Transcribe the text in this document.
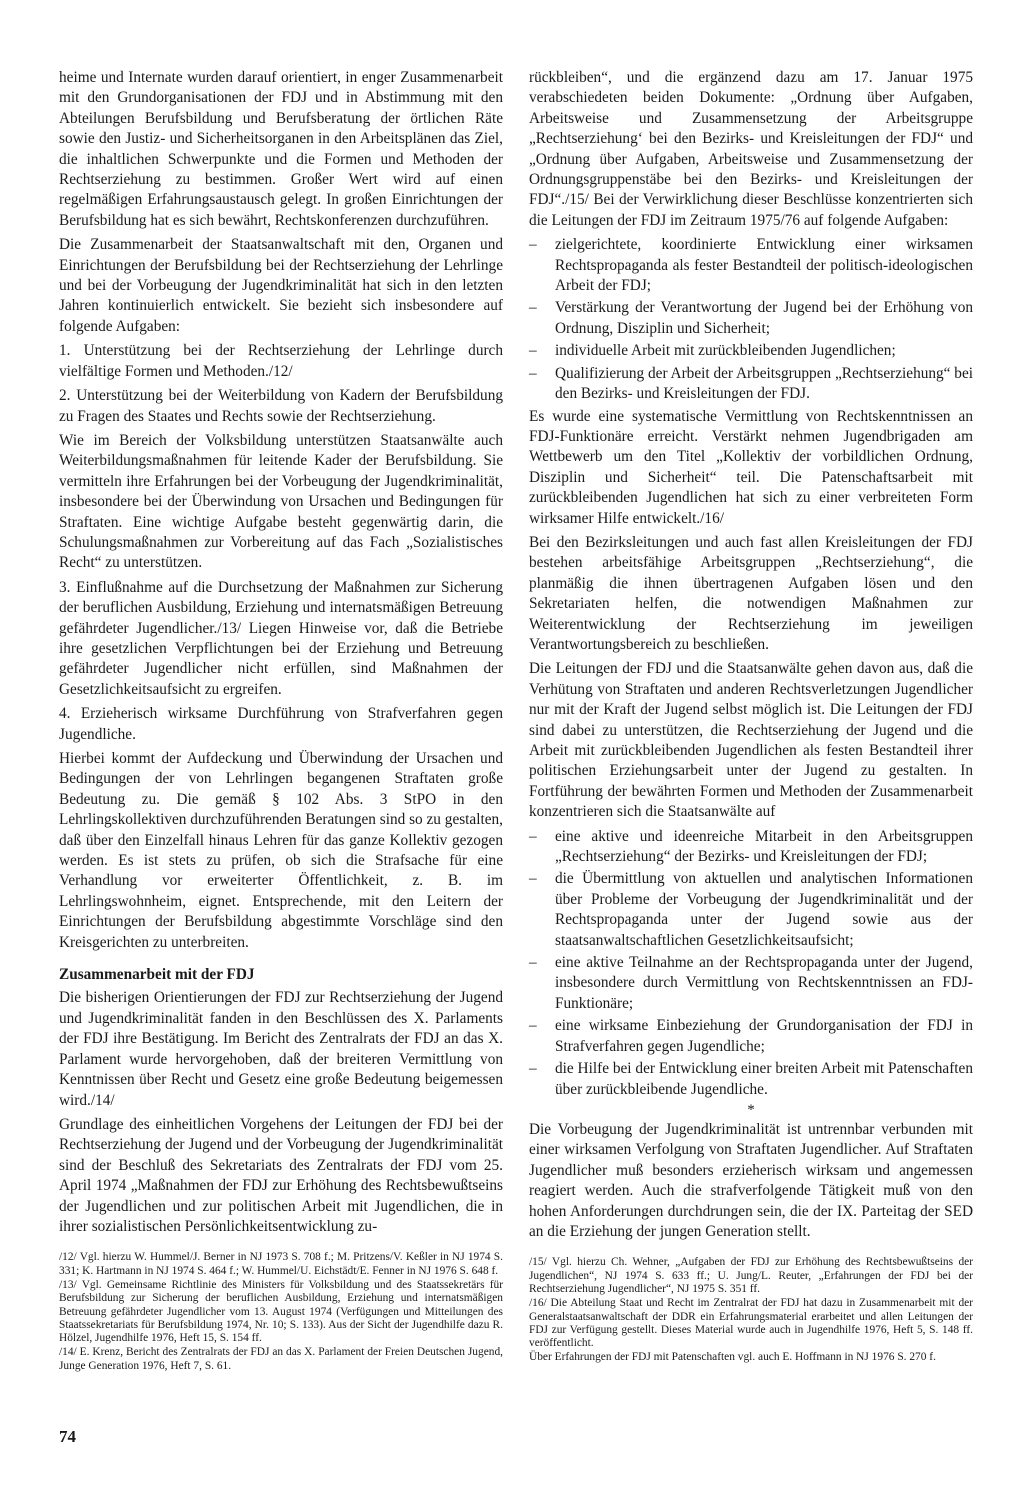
heime und Internate wurden darauf orientiert, in enger Zusammenarbeit mit den Grundorganisationen der FDJ und in Abstimmung mit den Abteilungen Berufsbildung und Berufsberatung der örtlichen Räte sowie den Justiz- und Sicherheitsorganen in den Arbeitsplänen das Ziel, die inhaltlichen Schwerpunkte und die Formen und Methoden der Rechtserziehung zu bestimmen. Großer Wert wird auf einen regelmäßigen Erfahrungsaustausch gelegt. In großen Einrichtungen der Berufsbildung hat es sich bewährt, Rechtskonferenzen durchzuführen.

Die Zusammenarbeit der Staatsanwaltschaft mit den, Organen und Einrichtungen der Berufsbildung bei der Rechtserziehung der Lehrlinge und bei der Vorbeugung der Jugendkriminalität hat sich in den letzten Jahren kontinuierlich entwickelt. Sie bezieht sich insbesondere auf folgende Aufgaben:

1. Unterstützung bei der Rechtserziehung der Lehrlinge durch vielfältige Formen und Methoden./12/

2. Unterstützung bei der Weiterbildung von Kadern der Berufsbildung zu Fragen des Staates und Rechts sowie der Rechtserziehung.

Wie im Bereich der Volksbildung unterstützen Staatsanwälte auch Weiterbildungsmaßnahmen für leitende Kader der Berufsbildung. Sie vermitteln ihre Erfahrungen bei der Vorbeugung der Jugendkriminalität, insbesondere bei der Überwindung von Ursachen und Bedingungen für Straftaten. Eine wichtige Aufgabe besteht gegenwärtig darin, die Schulungsmaßnahmen zur Vorbereitung auf das Fach „Sozialistisches Recht“ zu unterstützen.

3. Einflußnahme auf die Durchsetzung der Maßnahmen zur Sicherung der beruflichen Ausbildung, Erziehung und internatsmäßigen Betreuung gefährdeter Jugendlicher./13/ Liegen Hinweise vor, daß die Betriebe ihre gesetzlichen Verpflichtungen bei der Erziehung und Betreuung gefährdeter Jugendlicher nicht erfüllen, sind Maßnahmen der Gesetzlichkeitsaufsicht zu ergreifen.

4. Erzieherisch wirksame Durchführung von Strafverfahren gegen Jugendliche.

Hierbei kommt der Aufdeckung und Überwindung der Ursachen und Bedingungen der von Lehrlingen begangenen Straftaten große Bedeutung zu. Die gemäß § 102 Abs. 3 StPO in den Lehrlingskollektiven durchzuführenden Beratungen sind so zu gestalten, daß über den Einzelfall hinaus Lehren für das ganze Kollektiv gezogen werden. Es ist stets zu prüfen, ob sich die Strafsache für eine Verhandlung vor erweiterter Öffentlichkeit, z. B. im Lehrlingswohnheim, eignet. Entsprechende, mit den Leitern der Einrichtungen der Berufsbildung abgestimmte Vorschläge sind den Kreisgerichten zu unterbreiten.

Zusammenarbeit mit der FDJ

Die bisherigen Orientierungen der FDJ zur Rechtserziehung der Jugend und Jugendkriminalität fanden in den Beschlüssen des X. Parlaments der FDJ ihre Bestätigung. Im Bericht des Zentralrats der FDJ an das X. Parlament wurde hervorgehoben, daß der breiteren Vermittlung von Kenntnissen über Recht und Gesetz eine große Bedeutung beigemessen wird./14/

Grundlage des einheitlichen Vorgehens der Leitungen der FDJ bei der Rechtserziehung der Jugend und der Vorbeugung der Jugendkriminalität sind der Beschluß des Sekretariats des Zentralrats der FDJ vom 25. April 1974 „Maßnahmen der FDJ zur Erhöhung des Rechtsbewußtseins der Jugendlichen und zur politischen Arbeit mit Jugendlichen, die in ihrer sozialistischen Persönlichkeitsentwicklung zu-

/12/ Vgl. hierzu W. Hummel/J. Berner in NJ 1973 S. 708 f.; M. Pritzens/V. Keßler in NJ 1974 S. 331; K. Hartmann in NJ 1974 S. 464 f.; W. Hummel/U. Eichstädt/E. Fenner in NJ 1976 S. 648 f.

/13/ Vgl. Gemeinsame Richtlinie des Ministers für Volksbildung und des Staatssekretärs für Berufsbildung zur Sicherung der beruflichen Ausbildung, Erziehung und internatsmäßigen Betreuung gefährdeter Jugendlicher vom 13. August 1974 (Verfügungen und Mitteilungen des Staatssekretariats für Berufsbildung 1974, Nr. 10; S. 133). Aus der Sicht der Jugendhilfe dazu R. Hölzel, Jugendhilfe 1976, Heft 15, S. 154 ff.

/14/ E. Krenz, Bericht des Zentralrats der FDJ an das X. Parlament der Freien Deutschen Jugend, Junge Generation 1976, Heft 7, S. 61.

rückbleiben“, und die ergänzend dazu am 17. Januar 1975 verabschiedeten beiden Dokumente: „Ordnung über Aufgaben, Arbeitsweise und Zusammensetzung der Arbeitsgruppe „Rechtserziehung‘ bei den Bezirks- und Kreisleitungen der FDJ“ und „Ordnung über Aufgaben, Arbeitsweise und Zusammensetzung der Ordnungsgruppenstäbe bei den Bezirks- und Kreisleitungen der FDJ“./15/ Bei der Verwirklichung dieser Beschlüsse konzentrierten sich die Leitungen der FDJ im Zeitraum 1975/76 auf folgende Aufgaben:

– zielgerichtete, koordinierte Entwicklung einer wirksamen Rechtspropaganda als fester Bestandteil der politisch-ideologischen Arbeit der FDJ;
– Verstärkung der Verantwortung der Jugend bei der Erhöhung von Ordnung, Disziplin und Sicherheit;
– individuelle Arbeit mit zurückbleibenden Jugendlichen;
– Qualifizierung der Arbeit der Arbeitsgruppen „Rechtserziehung“ bei den Bezirks- und Kreisleitungen der FDJ.

Es wurde eine systematische Vermittlung von Rechtskenntnissen an FDJ-Funktionäre erreicht. Verstärkt nehmen Jugendbrigaden am Wettbewerb um den Titel „Kollektiv der vorbildlichen Ordnung, Disziplin und Sicherheit“ teil. Die Patenschaftsarbeit mit zurückbleibenden Jugendlichen hat sich zu einer verbreiteten Form wirksamer Hilfe entwickelt./16/

Bei den Bezirksleitungen und auch fast allen Kreisleitungen der FDJ bestehen arbeitsfähige Arbeitsgruppen „Rechtserziehung“, die planmäßig die ihnen übertragenen Aufgaben lösen und den Sekretariaten helfen, die notwendigen Maßnahmen zur Weiterentwicklung der Rechtserziehung im jeweiligen Verantwortungsbereich zu beschließen.

Die Leitungen der FDJ und die Staatsanwälte gehen davon aus, daß die Verhütung von Straftaten und anderen Rechtsverletzungen Jugendlicher nur mit der Kraft der Jugend selbst möglich ist. Die Leitungen der FDJ sind dabei zu unterstützen, die Rechtserziehung der Jugend und die Arbeit mit zurückbleibenden Jugendlichen als festen Bestandteil ihrer politischen Erziehungsarbeit unter der Jugend zu gestalten. In Fortführung der bewährten Formen und Methoden der Zusammenarbeit konzentrieren sich die Staatsanwälte auf

– eine aktive und ideenreiche Mitarbeit in den Arbeitsgruppen „Rechtserziehung“ der Bezirks- und Kreisleitungen der FDJ;
– die Übermittlung von aktuellen und analytischen Informationen über Probleme der Vorbeugung der Jugendkriminalität und der Rechtspropaganda unter der Jugend sowie aus der staatsanwaltschaftlichen Gesetzlichkeitsaufsicht;
– eine aktive Teilnahme an der Rechtspropaganda unter der Jugend, insbesondere durch Vermittlung von Rechtskenntnissen an FDJ-Funktionäre;
– eine wirksame Einbeziehung der Grundorganisation der FDJ in Strafverfahren gegen Jugendliche;
– die Hilfe bei der Entwicklung einer breiten Arbeit mit Patenschaften über zurückbleibende Jugendliche.
*

Die Vorbeugung der Jugendkriminalität ist untrennbar verbunden mit einer wirksamen Verfolgung von Straftaten Jugendlicher. Auf Straftaten Jugendlicher muß besonders erzieherisch wirksam und angemessen reagiert werden. Auch die strafverfolgende Tätigkeit muß von den hohen Anforderungen durchdrungen sein, die der IX. Parteitag der SED an die Erziehung der jungen Generation stellt.

/15/ Vgl. hierzu Ch. Wehner, „Aufgaben der FDJ zur Erhöhung des Rechtsbewußtseins der Jugendlichen“, NJ 1974 S. 633 ff.; U. Jung/L. Reuter, „Erfahrungen der FDJ bei der Rechtserziehung Jugendlicher“, NJ 1975 S. 351 ff.

/16/ Die Abteilung Staat und Recht im Zentralrat der FDJ hat dazu in Zusammenarbeit mit der Generalstaatsanwaltschaft der DDR ein Erfahrungsmaterial erarbeitet und allen Leitungen der FDJ zur Verfügung gestellt. Dieses Material wurde auch in Jugendhilfe 1976, Heft 5, S. 148 ff. veröffentlicht.

Über Erfahrungen der FDJ mit Patenschaften vgl. auch E. Hoffmann in NJ 1976 S. 270 f.

74
